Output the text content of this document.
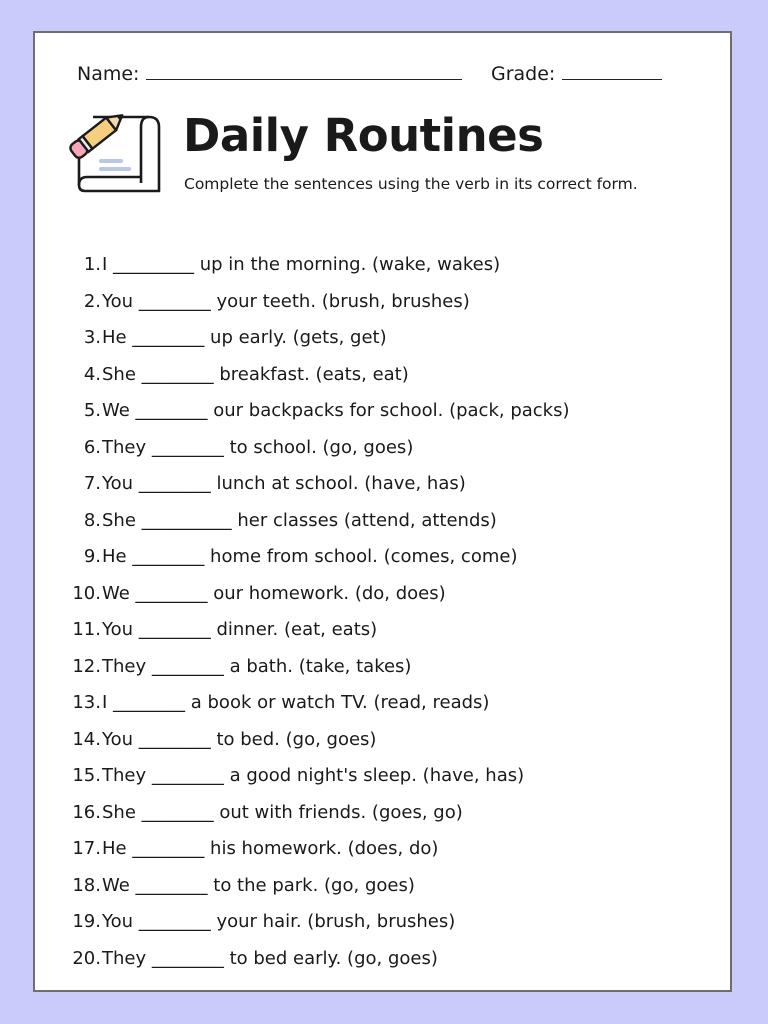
Name:	Grade:
Daily Routines
Complete the sentences using the verb in its correct form.
1.I _________ up in the morning. (wake, wakes)
2.You ________ your teeth. (brush, brushes)
3.He ________ up early. (gets, get)
4.She ________ breakfast. (eats, eat)
5.We ________ our backpacks for school. (pack, packs)
6.They ________ to school. (go, goes)
7.You ________ lunch at school. (have, has)
8.She __________ her classes (attend, attends)
9.He ________ home from school. (comes, come)
10.We ________ our homework. (do, does)
11.You ________ dinner. (eat, eats)
12.They ________ a bath. (take, takes)
13.I ________ a book or watch TV. (read, reads)
14.You ________ to bed. (go, goes)
15.They ________ a good night's sleep. (have, has)
16.She ________ out with friends. (goes, go)
17.He ________ his homework. (does, do)
18.We ________ to the park. (go, goes)
19.You ________ your hair. (brush, brushes)
20.They ________ to bed early. (go, goes)
